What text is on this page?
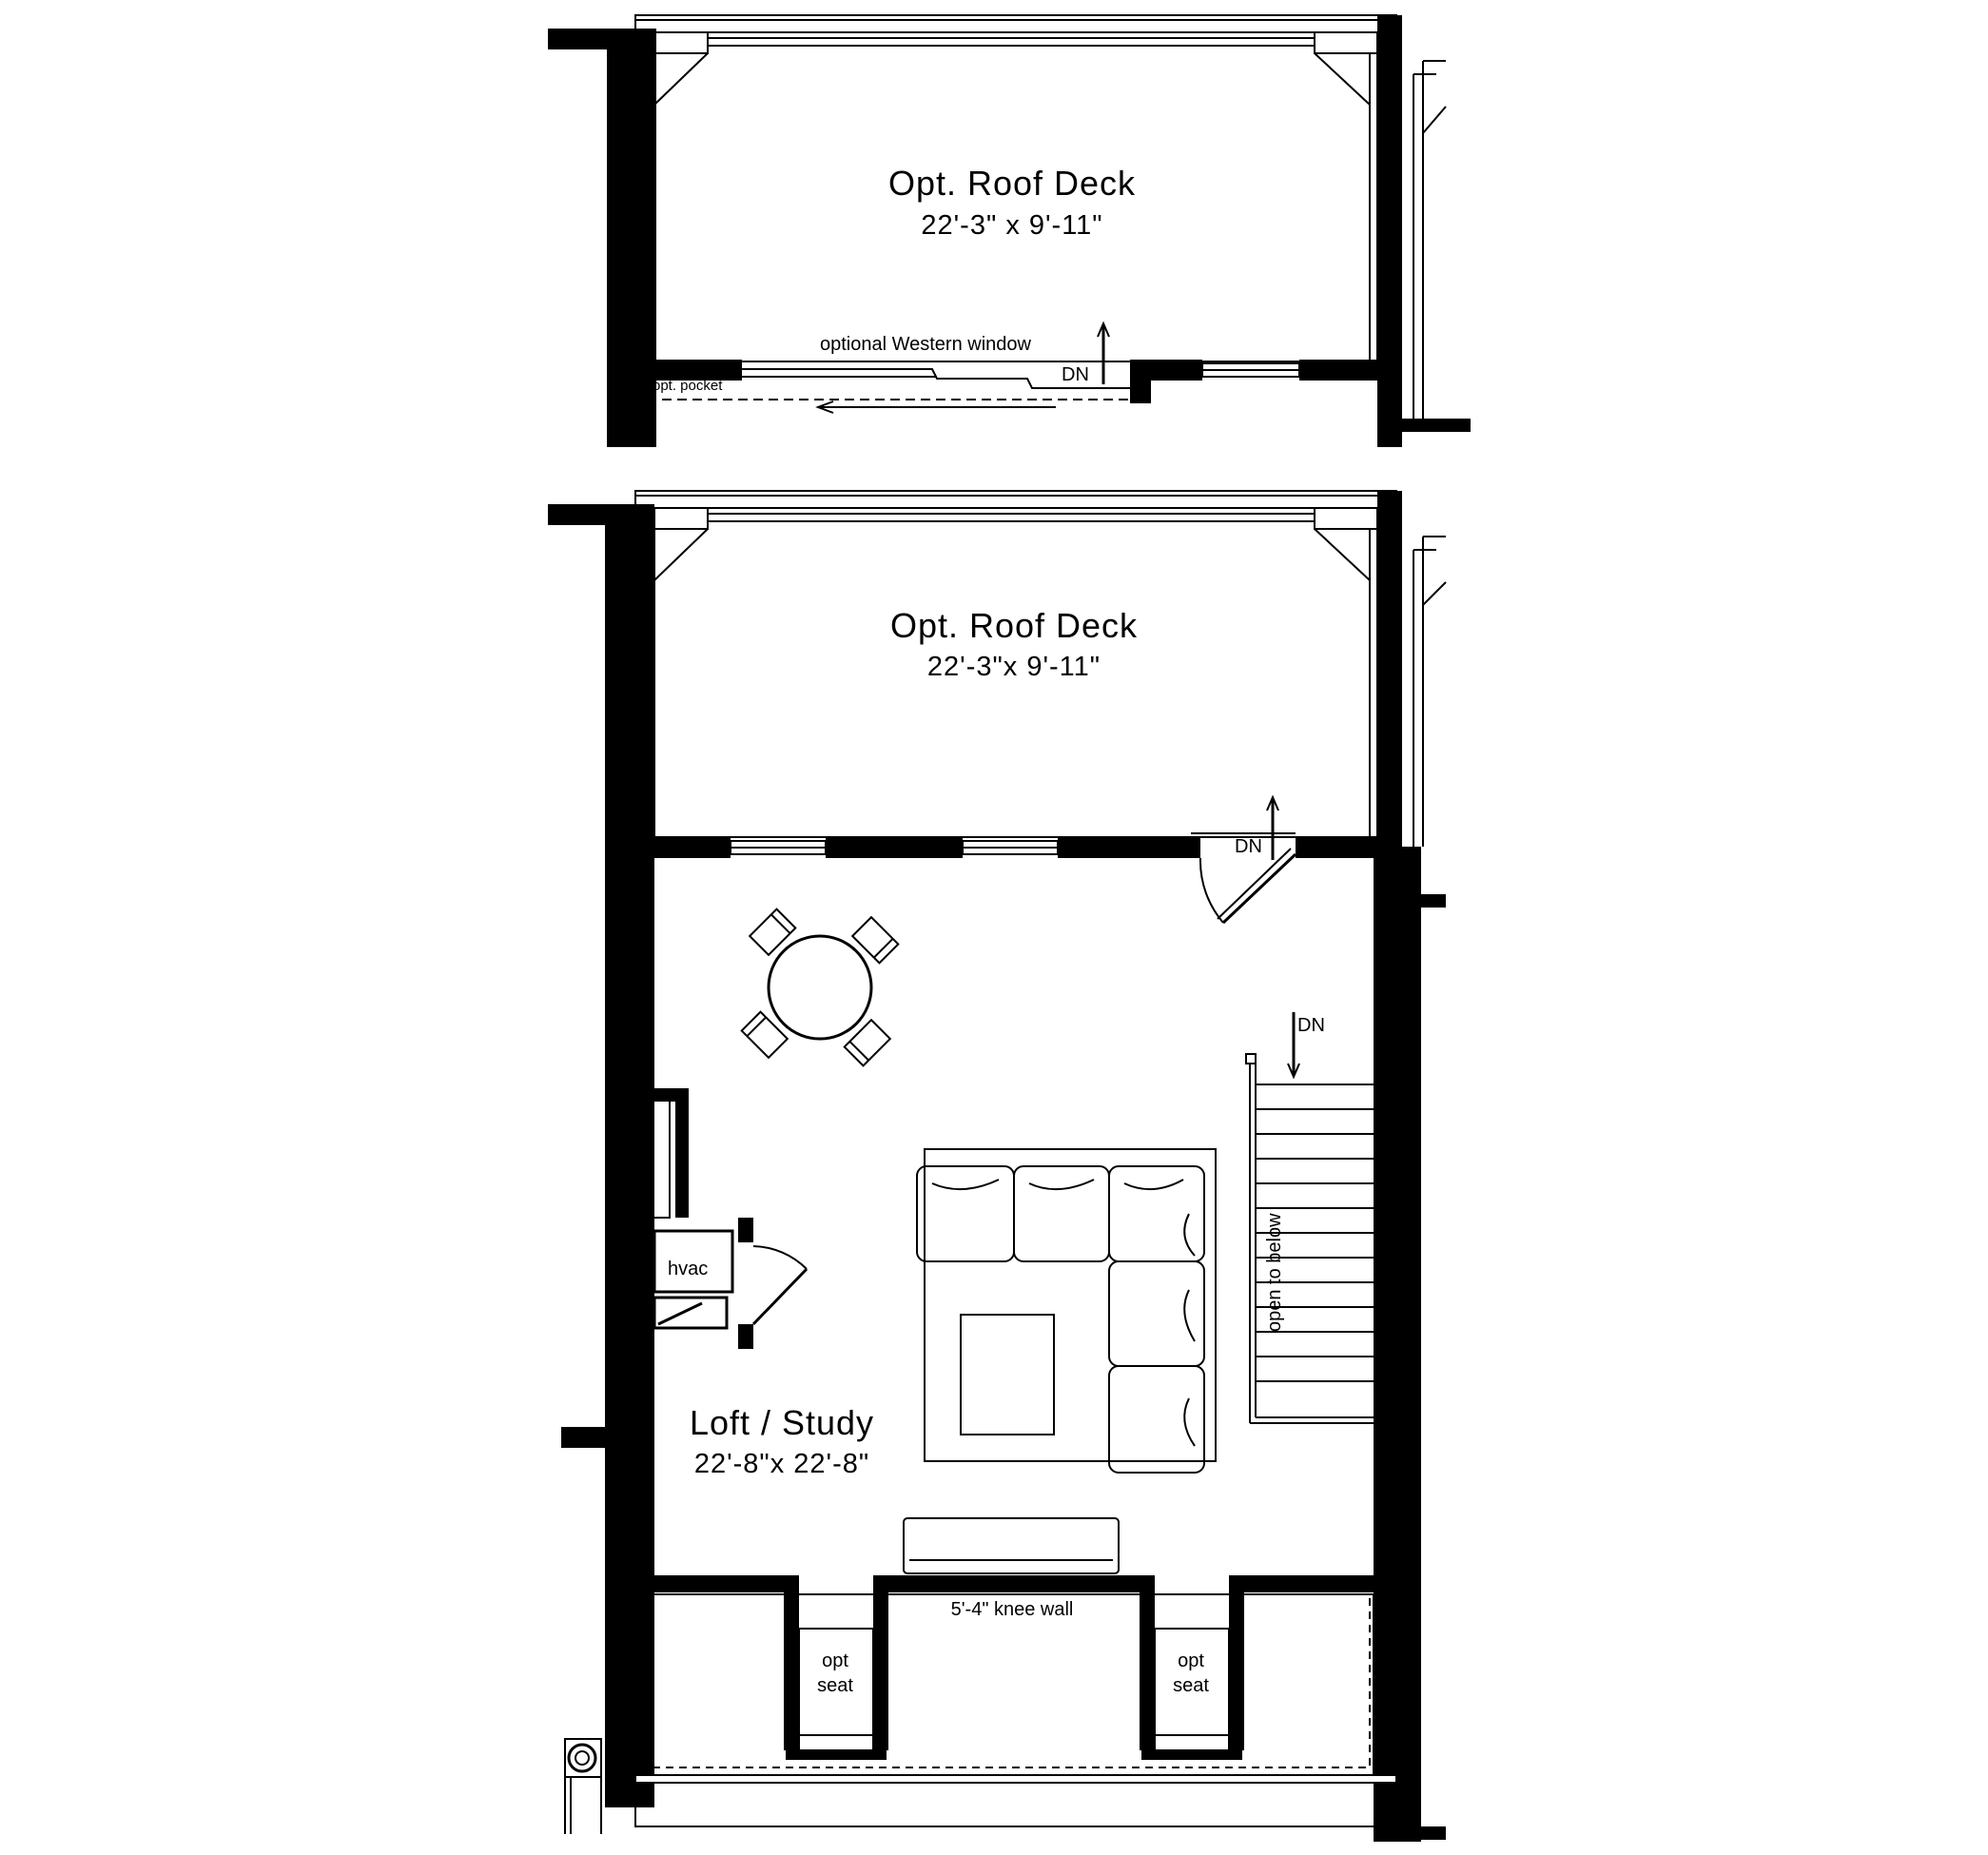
DN
opt. pocket
optional Western window
Opt. Roof Deck
22'-3" x 9'-11"
Opt. Roof Deck
22'-3"x 9'-11"
DN
DN
open to below
hvac
Loft / Study
22'-8"x 22'-8"
5'-4" knee wall
opt
seat
opt
seat
